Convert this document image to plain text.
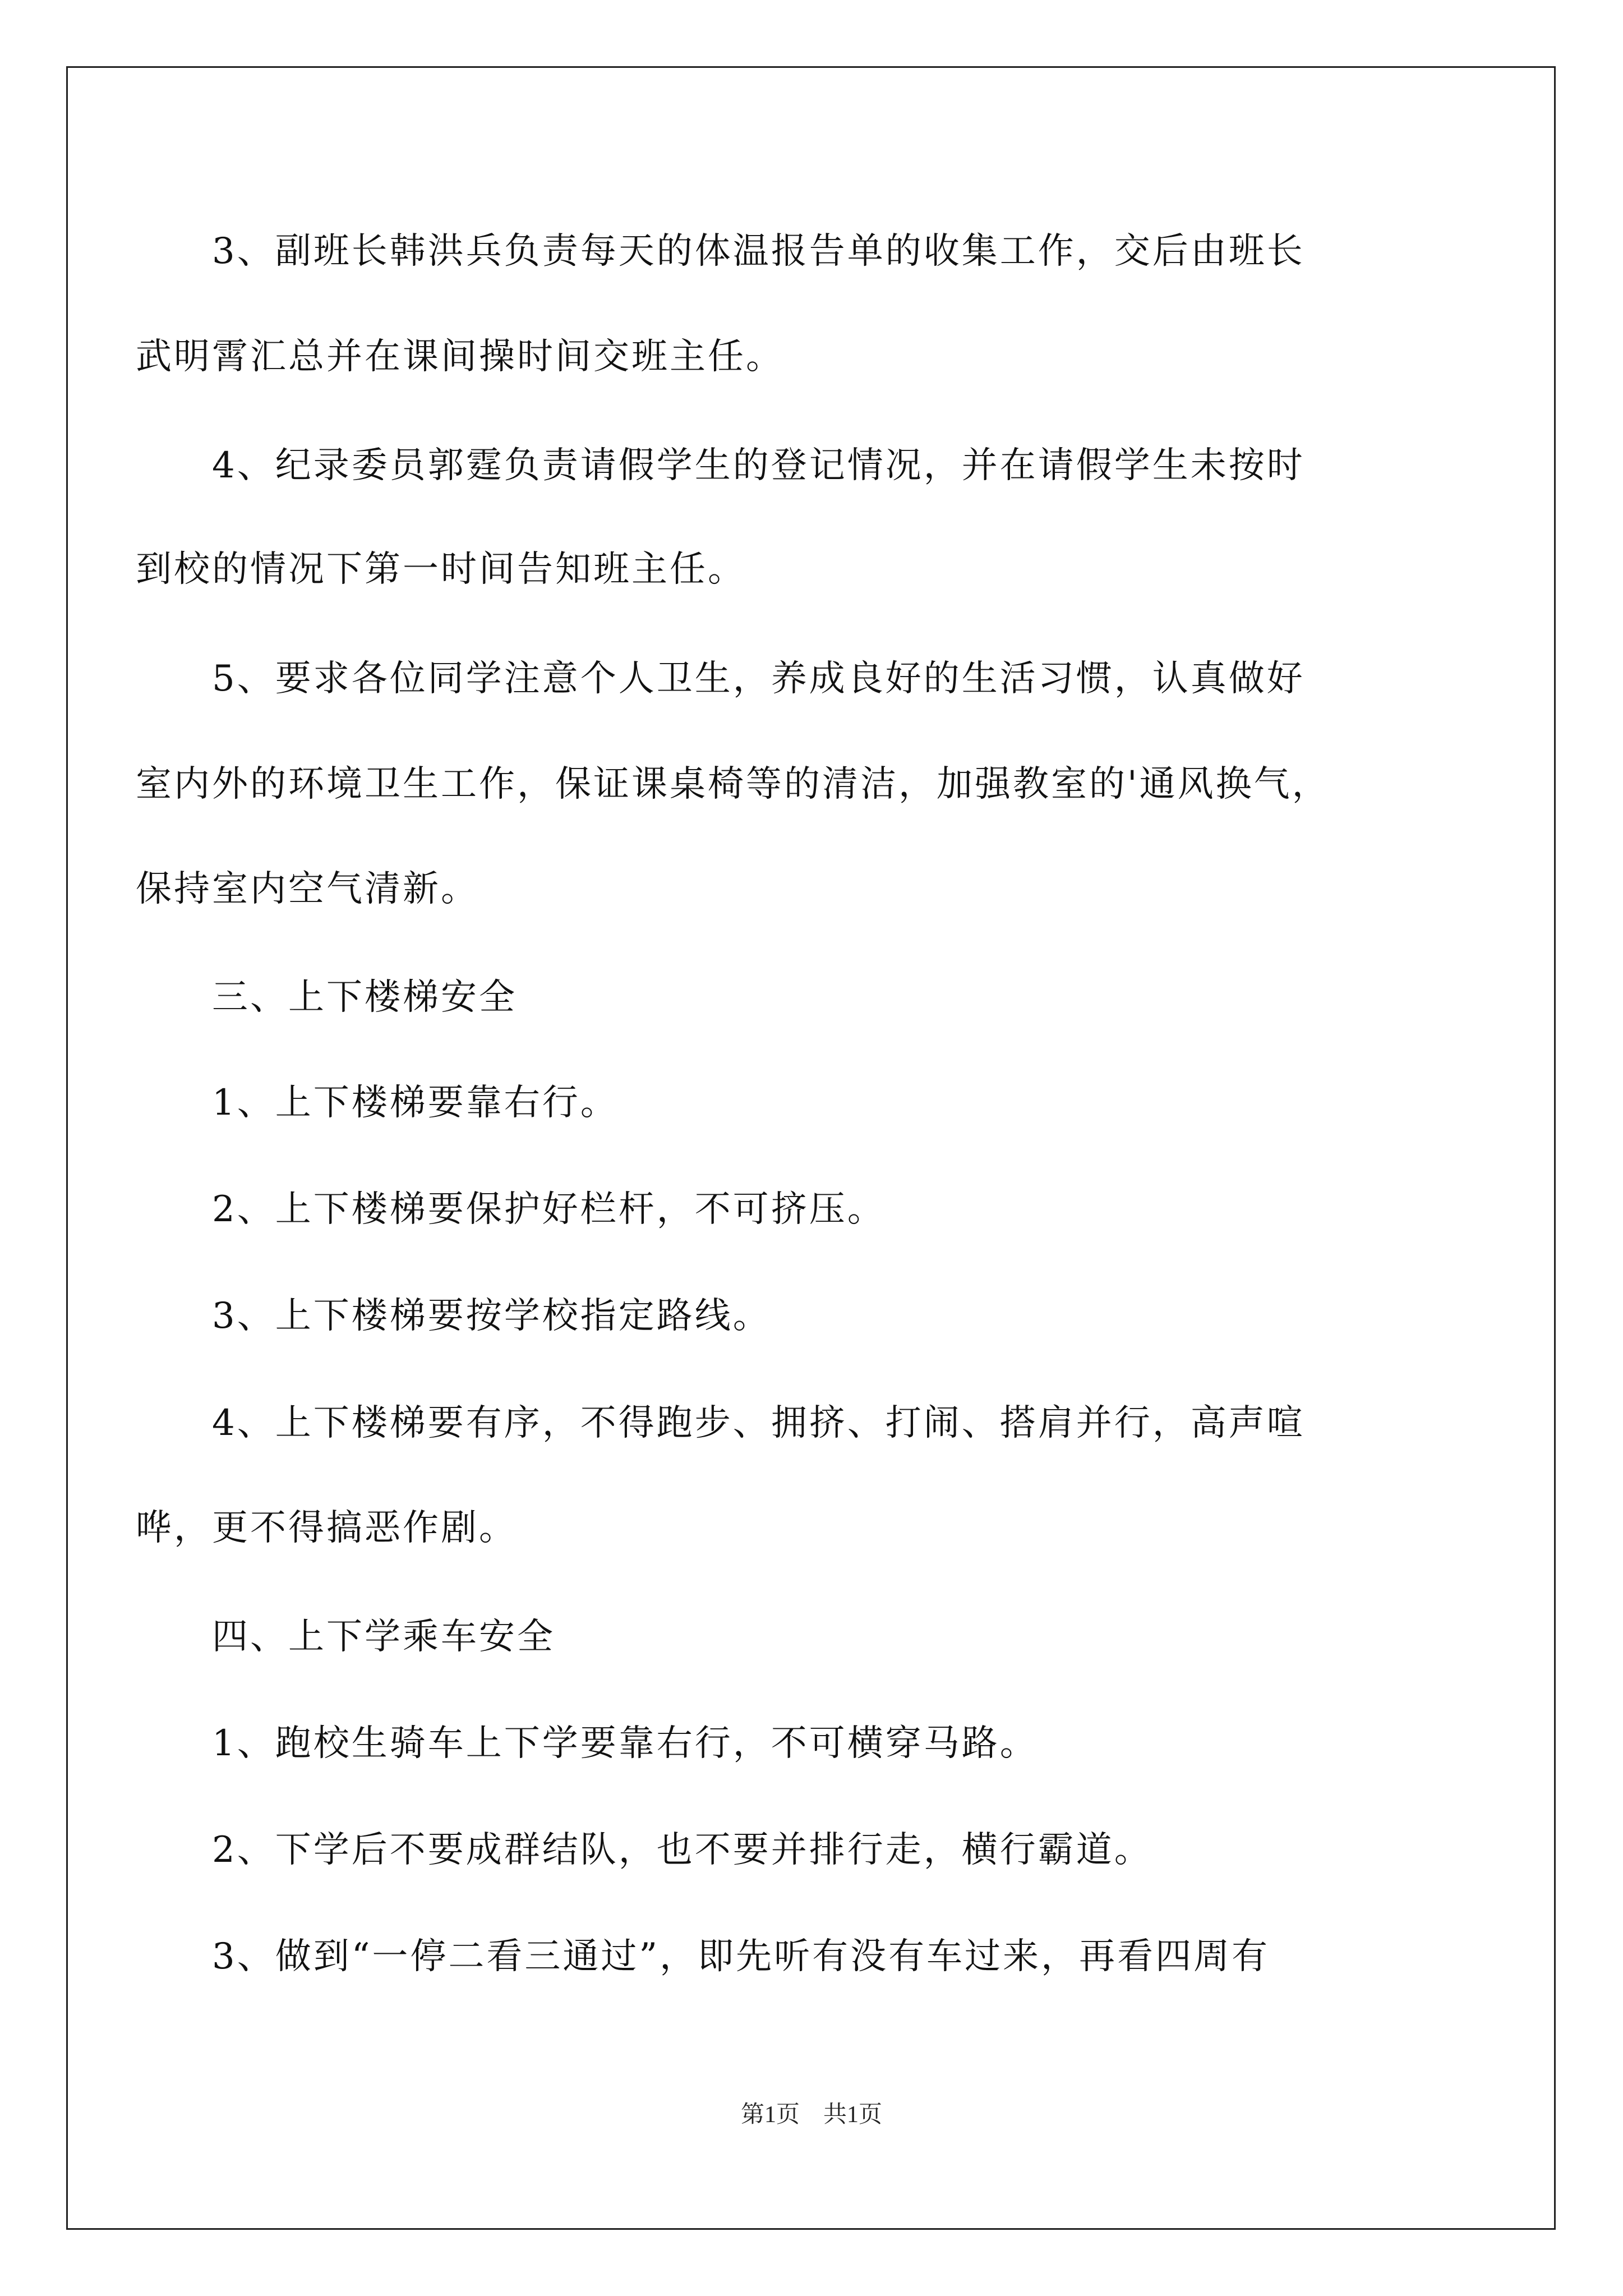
　　3、副班长韩洪兵负责每天的体温报告单的收集工作，交后由班长
武明霄汇总并在课间操时间交班主任。
　　4、纪录委员郭霆负责请假学生的登记情况，并在请假学生未按时
到校的情况下第一时间告知班主任。
　　5、要求各位同学注意个人卫生，养成良好的生活习惯，认真做好
室内外的环境卫生工作，保证课桌椅等的清洁，加强教室的'通风换气，
保持室内空气清新。
　　三、上下楼梯安全
　　1、上下楼梯要靠右行。
　　2、上下楼梯要保护好栏杆，不可挤压。
　　3、上下楼梯要按学校指定路线。
　　4、上下楼梯要有序，不得跑步、拥挤、打闹、搭肩并行，高声喧
哗，更不得搞恶作剧。
　　四、上下学乘车安全
　　1、跑校生骑车上下学要靠右行，不可横穿马路。
　　2、下学后不要成群结队，也不要并排行走，横行霸道。
　　3、做到“一停二看三通过”，即先听有没有车过来，再看四周有
第1页　共1页
